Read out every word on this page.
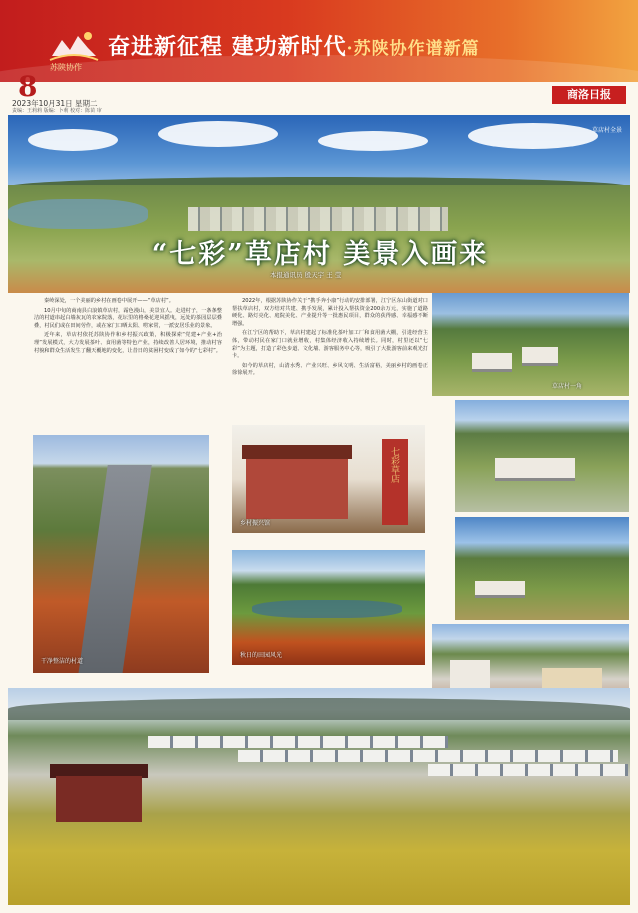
苏陕协作
奋进新征程 建功新时代·苏陕协作谱新篇
8
2023年10月31日 星期二
责编：王莉莉 版编：卜莉 校对：陈苗 审
商洛日报
草店村全景
“七彩”草店村 美景入画来
本报通讯员 殷天宇 王 莹

秦岭深处，一个美丽的乡村在画卷中展开——“草店村”。

10月中旬的商南县白浪镇草店村，霜色漫山，美景宜人。走进村子，一条条整洁的村道串起白墙灰瓦的农家院落，花坛里的格桑花迎风摇曳，远处的茶园层层叠叠，村民们或在田间劳作，或在家门口晒太阳、唠家常，一派安居乐业的景象。

近年来，草店村依托苏陕协作和乡村振兴政策，积极探索“党建+产业+治理”发展模式，大力发展茶叶、食用菌等特色产业，持续改善人居环境，推动村容村貌和群众生活发生了翻天覆地的变化，让昔日的贫困村变成了如今的“七彩村”。

2022年，根据苏陕协作关于“携手奔小康”行动的安排部署，江宁区东山街道对口帮扶草店村，双方结对共建、携手发展，累计投入帮扶资金200余万元，实施了道路硬化、路灯亮化、庭院美化、产业提升等一批惠民项目，群众的获得感、幸福感不断增强。

在江宁区的帮助下，草店村建起了标准化茶叶加工厂和食用菌大棚，引进经营主体，带动村民在家门口就业增收，村集体经济收入持续增长。同时，村里还以“七彩”为主题，打造了彩色步道、文化墙、游客服务中心等，吸引了大批游客前来观光打卡。

如今的草店村，山清水秀、产业兴旺、乡风文明、生活富裕，美丽乡村的画卷正徐徐展开。

干净整洁的村道
七彩草店
乡村振兴馆
秋日的田园风光
草店村一角
